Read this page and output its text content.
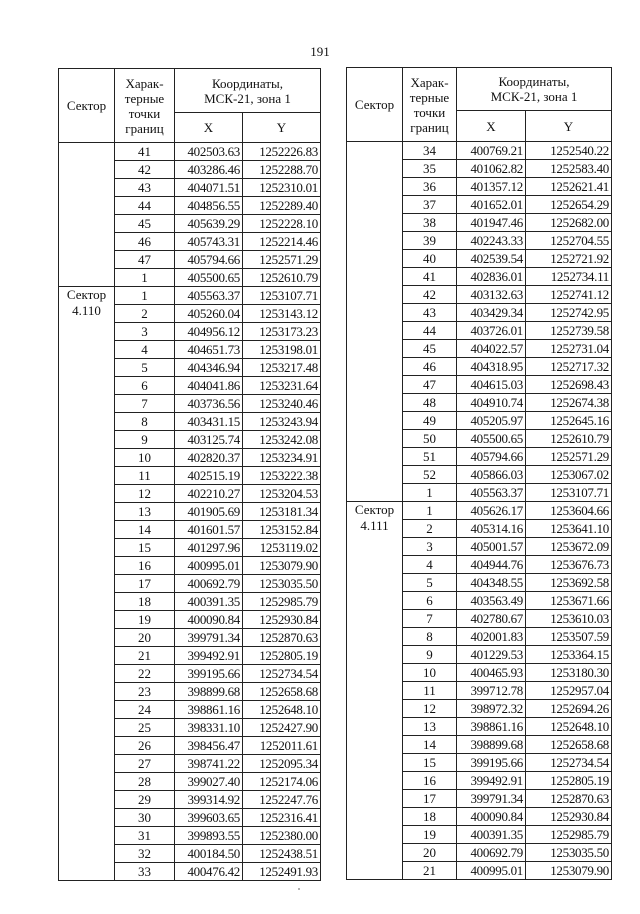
191
Сектор	Харак-
терные
точки
границ	Координаты,
МСК-21, зона 1	
		X	Y
	41	402503.63	1252226.83
	42	403286.46	1252288.70
	43	404071.51	1252310.01
	44	404856.55	1252289.40
	45	405639.29	1252228.10
	46	405743.31	1252214.46
	47	405794.66	1252571.29
	1	405500.65	1252610.79
Сектор
4.110	1	405563.37	1253107.71
	2	405260.04	1253143.12
	3	404956.12	1253173.23
	4	404651.73	1253198.01
	5	404346.94	1253217.48
	6	404041.86	1253231.64
	7	403736.56	1253240.46
	8	403431.15	1253243.94
	9	403125.74	1253242.08
	10	402820.37	1253234.91
	11	402515.19	1253222.38
	12	402210.27	1253204.53
	13	401905.69	1253181.34
	14	401601.57	1253152.84
	15	401297.96	1253119.02
	16	400995.01	1253079.90
	17	400692.79	1253035.50
	18	400391.35	1252985.79
	19	400090.84	1252930.84
	20	399791.34	1252870.63
	21	399492.91	1252805.19
	22	399195.66	1252734.54
	23	398899.68	1252658.68
	24	398861.16	1252648.10
	25	398331.10	1252427.90
	26	398456.47	1252011.61
	27	398741.22	1252095.34
	28	399027.40	1252174.06
	29	399314.92	1252247.76
	30	399603.65	1252316.41
	31	399893.55	1252380.00
	32	400184.50	1252438.51
	33	400476.42	1252491.93
Сектор	Харак-
терные
точки
границ	Координаты,
МСК-21, зона 1	
		X	Y
	34	400769.21	1252540.22
	35	401062.82	1252583.40
	36	401357.12	1252621.41
	37	401652.01	1252654.29
	38	401947.46	1252682.00
	39	402243.33	1252704.55
	40	402539.54	1252721.92
	41	402836.01	1252734.11
	42	403132.63	1252741.12
	43	403429.34	1252742.95
	44	403726.01	1252739.58
	45	404022.57	1252731.04
	46	404318.95	1252717.32
	47	404615.03	1252698.43
	48	404910.74	1252674.38
	49	405205.97	1252645.16
	50	405500.65	1252610.79
	51	405794.66	1252571.29
	52	405866.03	1253067.02
	1	405563.37	1253107.71
Сектор
4.111	1	405626.17	1253604.66
	2	405314.16	1253641.10
	3	405001.57	1253672.09
	4	404944.76	1253676.73
	5	404348.55	1253692.58
	6	403563.49	1253671.66
	7	402780.67	1253610.03
	8	402001.83	1253507.59
	9	401229.53	1253364.15
	10	400465.93	1253180.30
	11	399712.78	1252957.04
	12	398972.32	1252694.26
	13	398861.16	1252648.10
	14	398899.68	1252658.68
	15	399195.66	1252734.54
	16	399492.91	1252805.19
	17	399791.34	1252870.63
	18	400090.84	1252930.84
	19	400391.35	1252985.79
	20	400692.79	1253035.50
	21	400995.01	1253079.90
